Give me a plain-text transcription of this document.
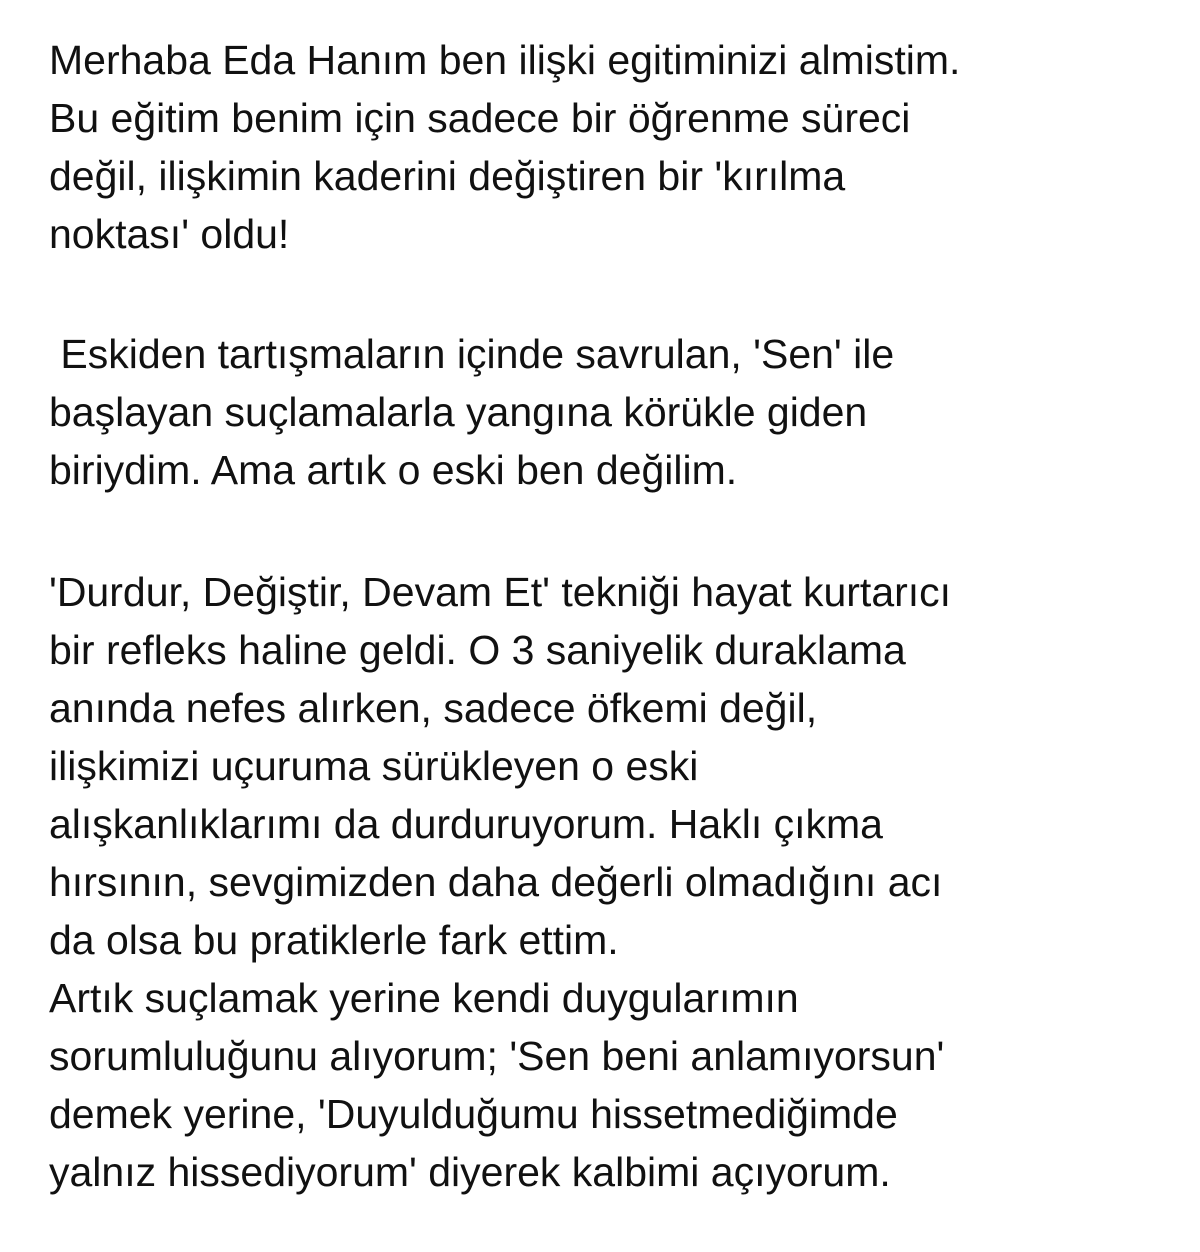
Merhaba Eda Hanım ben ilişki egitiminizi almistim.

Bu eğitim benim için sadece bir öğrenme süreci

değil, ilişkimin kaderini değiştiren bir 'kırılma

noktası' oldu!

Eskiden tartışmaların içinde savrulan, 'Sen' ile

başlayan suçlamalarla yangına körükle giden

biriydim. Ama artık o eski ben değilim.

'Durdur, Değiştir, Devam Et' tekniği hayat kurtarıcı

bir refleks haline geldi. O 3 saniyelik duraklama

anında nefes alırken, sadece öfkemi değil,

ilişkimizi uçuruma sürükleyen o eski

alışkanlıklarımı da durduruyorum. Haklı çıkma

hırsının, sevgimizden daha değerli olmadığını acı

da olsa bu pratiklerle fark ettim.

Artık suçlamak yerine kendi duygularımın

sorumluluğunu alıyorum; 'Sen beni anlamıyorsun'

demek yerine, 'Duyulduğumu hissetmediğimde

yalnız hissediyorum' diyerek kalbimi açıyorum.
